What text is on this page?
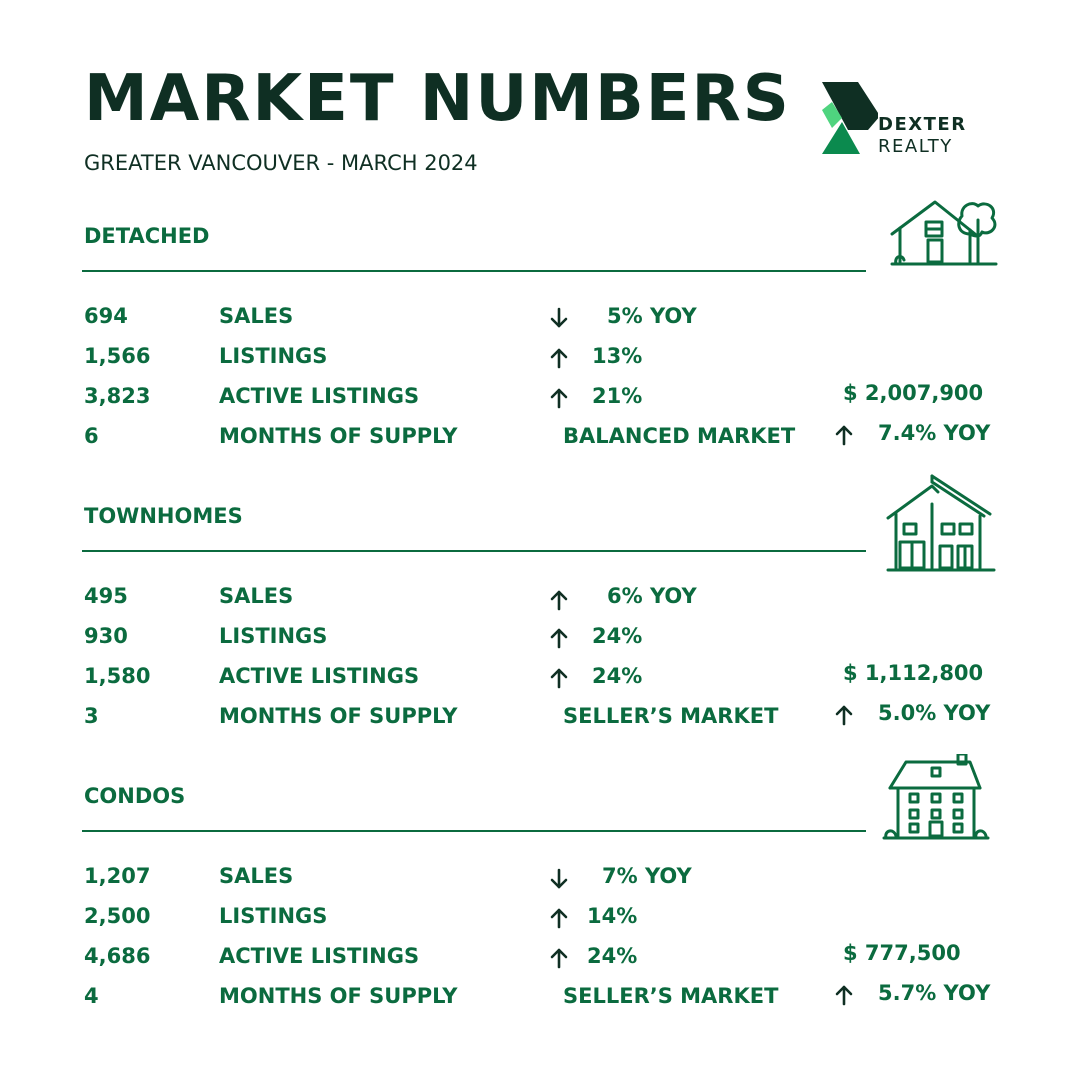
MARKET NUMBERS
GREATER VANCOUVER - MARCH 2024
DEXTER
REALTY
DETACHED
694	SALES	5% YOY
1,566	LISTINGS	13%
3,823	ACTIVE LISTINGS	21%
6	MONTHS OF SUPPLY	BALANCED MARKET
$ 2,007,900
7.4% YOY
TOWNHOMES
495	SALES	6% YOY
930	LISTINGS	24%
1,580	ACTIVE LISTINGS	24%
3	MONTHS OF SUPPLY	SELLER’S MARKET
$ 1,112,800
5.0% YOY
CONDOS
1,207	SALES	7% YOY
2,500	LISTINGS	14%
4,686	ACTIVE LISTINGS	24%
4	MONTHS OF SUPPLY	SELLER’S MARKET
$ 777,500
5.7% YOY
